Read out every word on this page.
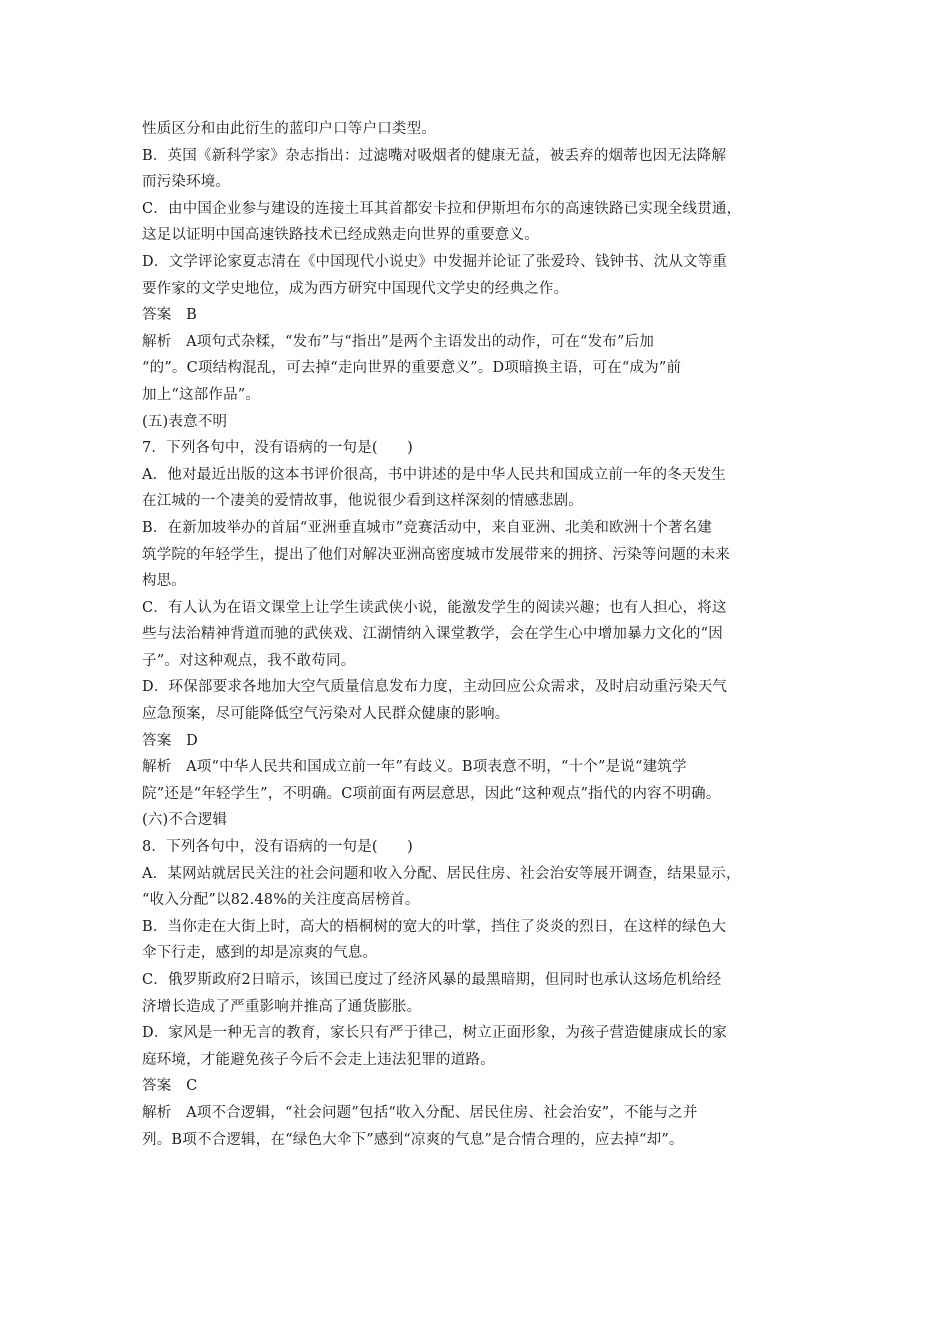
性质区分和由此衍生的蓝印户口等户口类型。
B．英国《新科学家》杂志指出：过滤嘴对吸烟者的健康无益，被丢弃的烟蒂也因无法降解
而污染环境。
C．由中国企业参与建设的连接土耳其首都安卡拉和伊斯坦布尔的高速铁路已实现全线贯通，
这足以证明中国高速铁路技术已经成熟走向世界的重要意义。
D．文学评论家夏志清在《中国现代小说史》中发掘并论证了张爱玲、钱钟书、沈从文等重
要作家的文学史地位，成为西方研究中国现代文学史的经典之作。
答案　B
解析　A项句式杂糅，“发布”与“指出”是两个主语发出的动作，可在“发布”后加
“的”。C项结构混乱，可去掉“走向世界的重要意义”。D项暗换主语，可在“成为”前
加上“这部作品”。
(五)表意不明
7．下列各句中，没有语病的一句是(　　)
A．他对最近出版的这本书评价很高，书中讲述的是中华人民共和国成立前一年的冬天发生
在江城的一个凄美的爱情故事，他说很少看到这样深刻的情感悲剧。
B．在新加坡举办的首届“亚洲垂直城市”竞赛活动中，来自亚洲、北美和欧洲十个著名建
筑学院的年轻学生，提出了他们对解决亚洲高密度城市发展带来的拥挤、污染等问题的未来
构思。
C．有人认为在语文课堂上让学生读武侠小说，能激发学生的阅读兴趣；也有人担心，将这
些与法治精神背道而驰的武侠戏、江湖情纳入课堂教学，会在学生心中增加暴力文化的“因
子”。对这种观点，我不敢苟同。
D．环保部要求各地加大空气质量信息发布力度，主动回应公众需求，及时启动重污染天气
应急预案，尽可能降低空气污染对人民群众健康的影响。
答案　D
解析　A项“中华人民共和国成立前一年”有歧义。B项表意不明，“十个”是说“建筑学
院”还是“年轻学生”，不明确。C项前面有两层意思，因此“这种观点”指代的内容不明确。
(六)不合逻辑
8．下列各句中，没有语病的一句是(　　)
A．某网站就居民关注的社会问题和收入分配、居民住房、社会治安等展开调查，结果显示，
“收入分配”以82.48%的关注度高居榜首。
B．当你走在大街上时，高大的梧桐树的宽大的叶掌，挡住了炎炎的烈日，在这样的绿色大
伞下行走，感到的却是凉爽的气息。
C．俄罗斯政府2日暗示，该国已度过了经济风暴的最黑暗期，但同时也承认这场危机给经
济增长造成了严重影响并推高了通货膨胀。
D．家风是一种无言的教育，家长只有严于律己，树立正面形象，为孩子营造健康成长的家
庭环境，才能避免孩子今后不会走上违法犯罪的道路。
答案　C
解析　A项不合逻辑，“社会问题”包括“收入分配、居民住房、社会治安”，不能与之并
列。B项不合逻辑，在“绿色大伞下”感到“凉爽的气息”是合情合理的，应去掉“却”。
